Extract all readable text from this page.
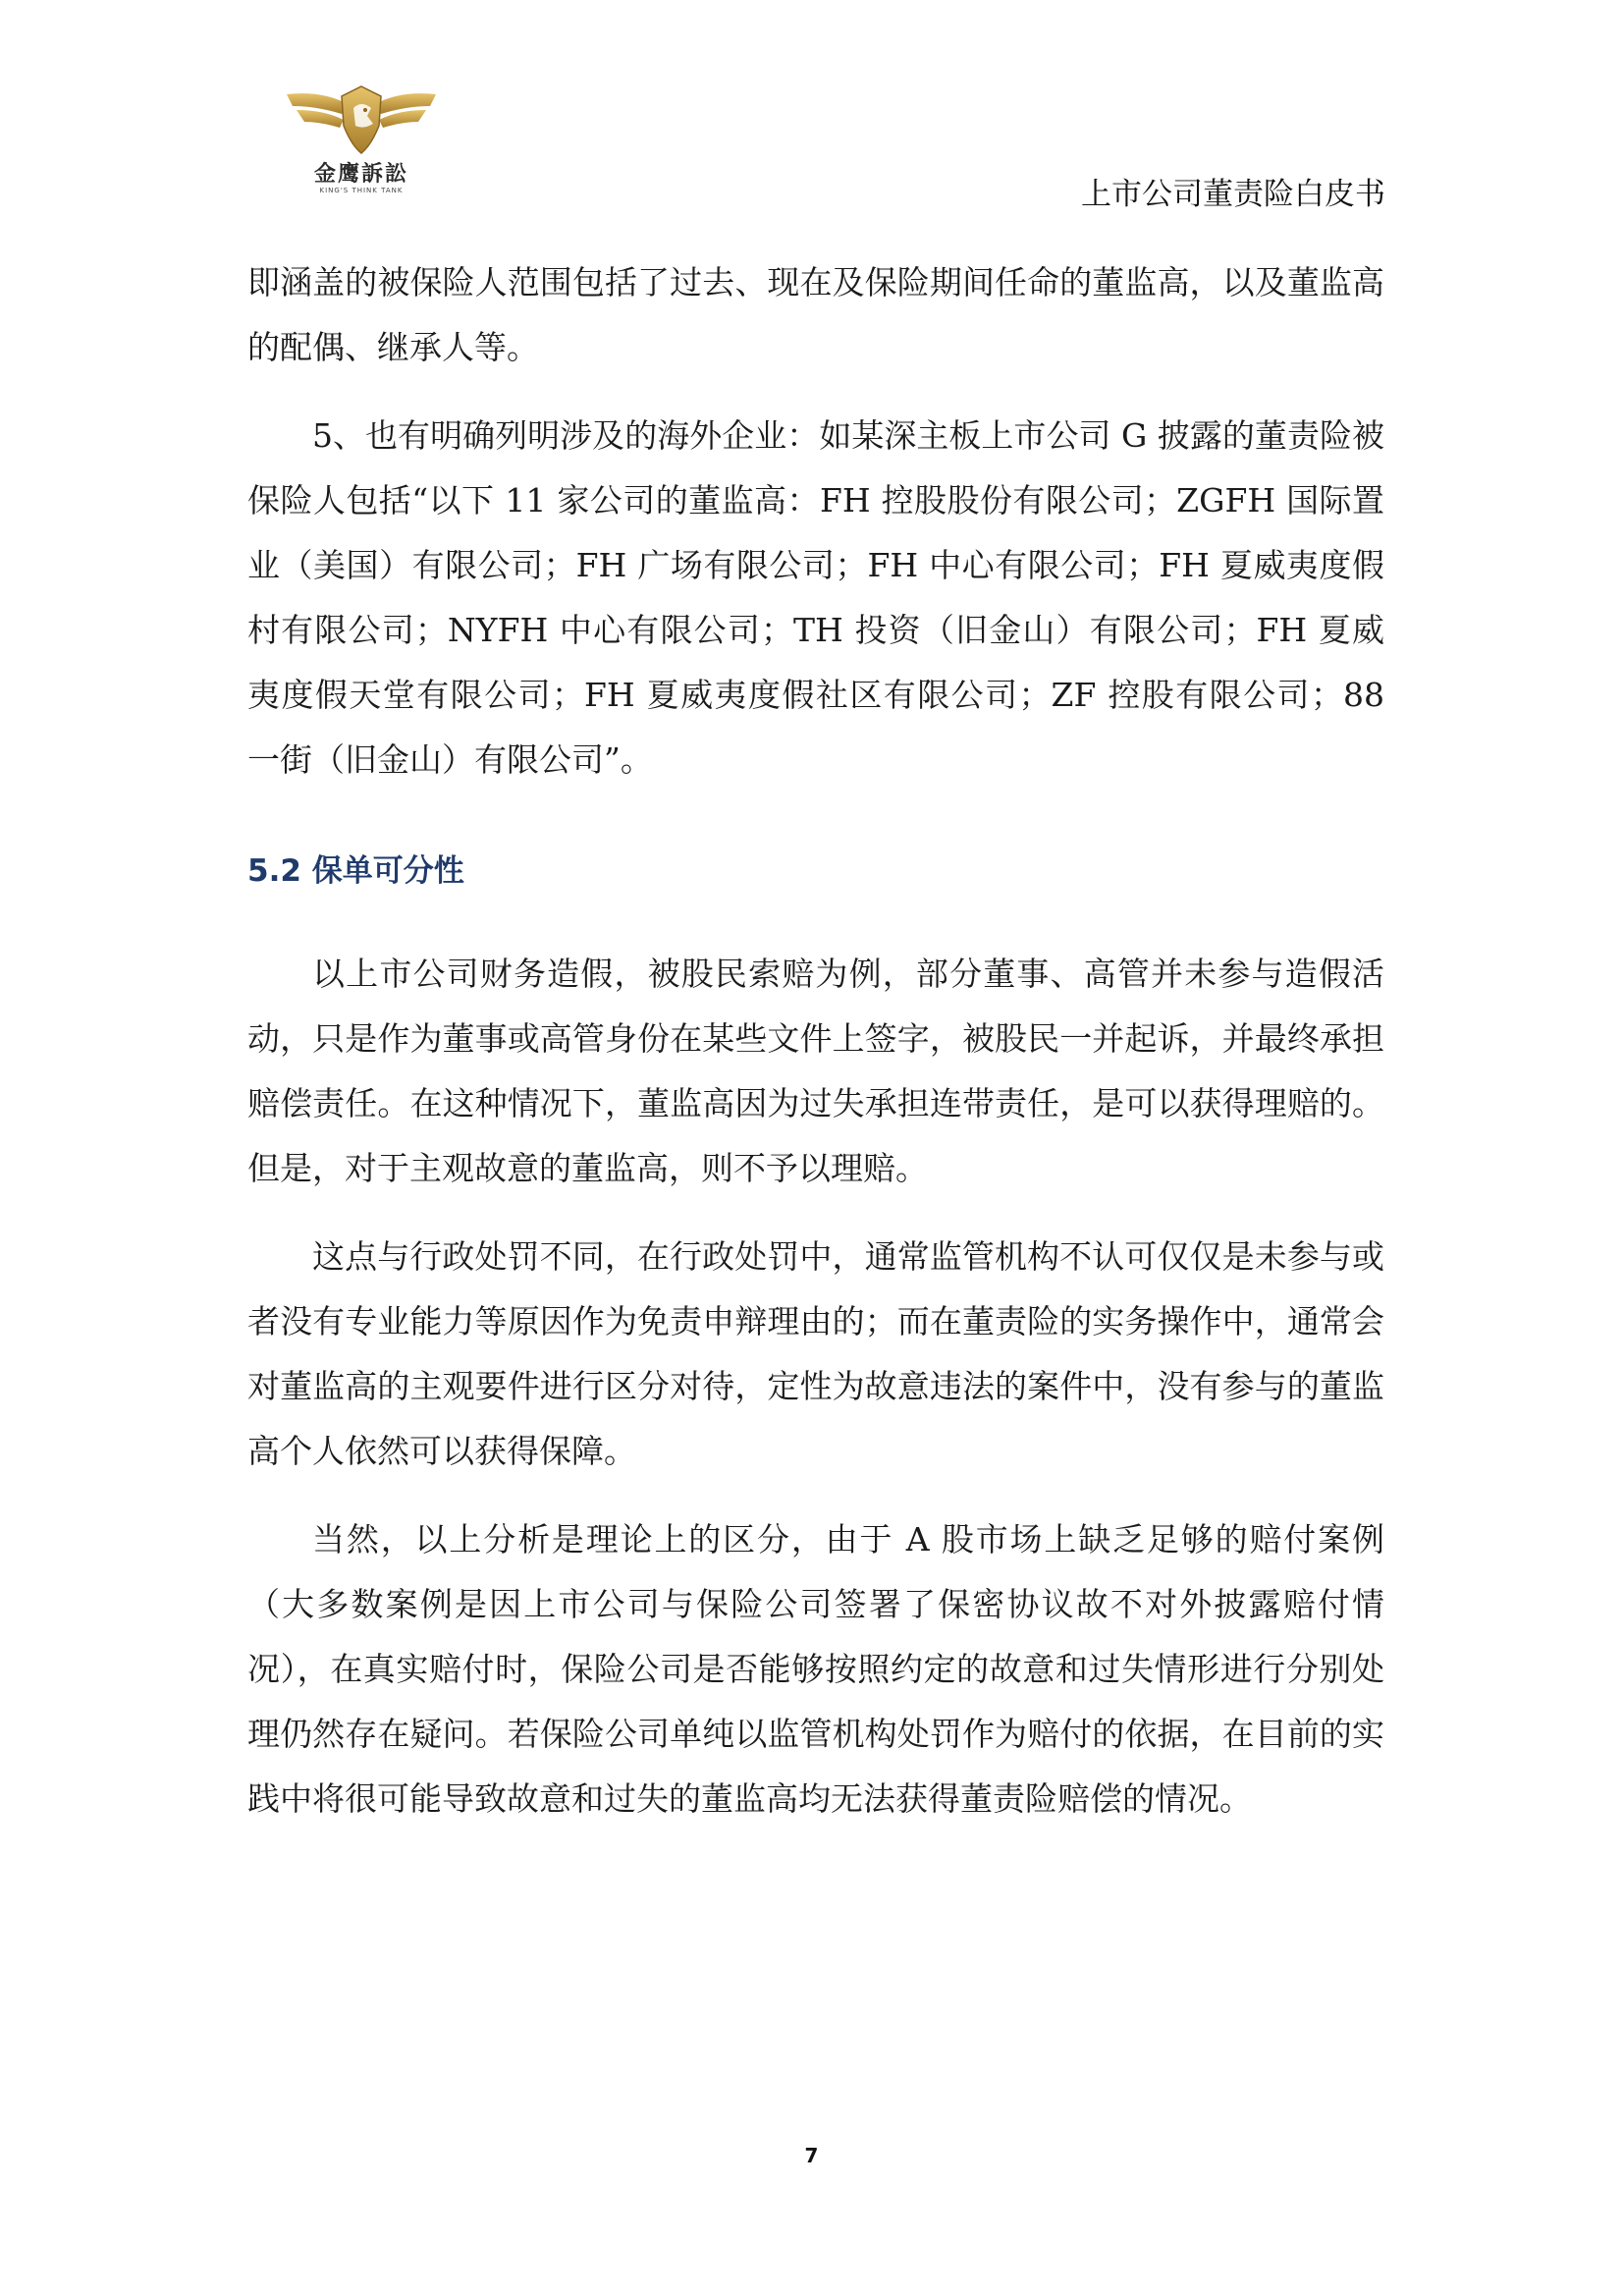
金鹰訴訟
KING'S THINK TANK	上市公司董责险白皮书

即涵盖的被保险人范围包括了过去、现在及保险期间任命的董监高，以及董监高的配偶、继承人等。

5、也有明确列明涉及的海外企业：如某深主板上市公司 G 披露的董责险被保险人包括“以下 11 家公司的董监高：FH 控股股份有限公司；ZGFH 国际置业（美国）有限公司；FH 广场有限公司；FH 中心有限公司；FH 夏威夷度假村有限公司；NYFH 中心有限公司；TH 投资（旧金山）有限公司；FH 夏威夷度假天堂有限公司；FH 夏威夷度假社区有限公司；ZF 控股有限公司；88 一街（旧金山）有限公司”。

5.2 保单可分性

以上市公司财务造假，被股民索赔为例，部分董事、高管并未参与造假活动，只是作为董事或高管身份在某些文件上签字，被股民一并起诉，并最终承担赔偿责任。在这种情况下，董监高因为过失承担连带责任，是可以获得理赔的。但是，对于主观故意的董监高，则不予以理赔。

这点与行政处罚不同，在行政处罚中，通常监管机构不认可仅仅是未参与或者没有专业能力等原因作为免责申辩理由的；而在董责险的实务操作中，通常会对董监高的主观要件进行区分对待，定性为故意违法的案件中，没有参与的董监高个人依然可以获得保障。

当然，以上分析是理论上的区分，由于 A 股市场上缺乏足够的赔付案例（大多数案例是因上市公司与保险公司签署了保密协议故不对外披露赔付情况），在真实赔付时，保险公司是否能够按照约定的故意和过失情形进行分别处理仍然存在疑问。若保险公司单纯以监管机构处罚作为赔付的依据，在目前的实践中将很可能导致故意和过失的董监高均无法获得董责险赔偿的情况。

7
